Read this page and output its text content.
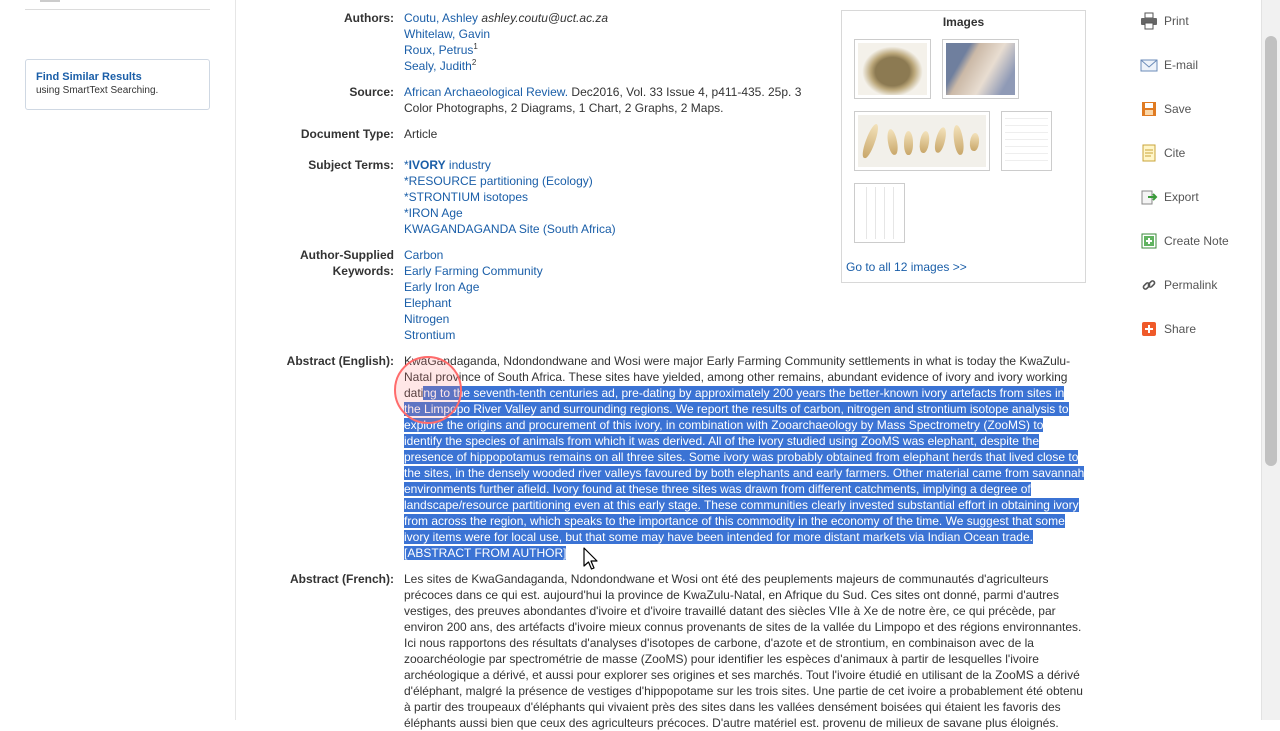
Find Similar Results
using SmartText Searching.
Authors: Coutu, Ashley ashley.coutu@uct.ac.za
Whitelaw, Gavin
Roux, Petrus$^1$
Sealy, Judith$^2$
Source: African Archaeological Review. Dec2016, Vol. 33 Issue 4, p411-435. 25p. 3
Color Photographs, 2 Diagrams, 1 Chart, 2 Graphs, 2 Maps.
Document Type: Article
Subject Terms: *IVORY industry
*RESOURCE partitioning (Ecology)
*STRONTIUM isotopes
*IRON Age
KWAGANDAGANDA Site (South Africa)
Author-Supplied
Keywords:
Carbon
Early Farming Community
Early Iron Age
Elephant
Nitrogen
Strontium
Abstract (English): KwaGandaganda, Ndondondwane and Wosi were major Early Farming Community settlements in what is today the KwaZulu-
Natal province of South Africa. These sites have yielded, among other remains, abundant evidence of ivory and ivory working
dating to the seventh-tenth centuries ad, pre-dating by approximately 200 years the better-known ivory artefacts from sites in
the Limpopo River Valley and surrounding regions. We report the results of carbon, nitrogen and strontium isotope analysis to
explore the origins and procurement of this ivory, in combination with Zooarchaeology by Mass Spectrometry (ZooMS) to
identify the species of animals from which it was derived. All of the ivory studied using ZooMS was elephant, despite the
presence of hippopotamus remains on all three sites. Some ivory was probably obtained from elephant herds that lived close to
the sites, in the densely wooded river valleys favoured by both elephants and early farmers. Other material came from savannah
environments further afield. Ivory found at these three sites was drawn from different catchments, implying a degree of
landscape/resource partitioning even at this early stage. These communities clearly invested substantial effort in obtaining ivory
from across the region, which speaks to the importance of this commodity in the economy of the time. We suggest that some
ivory items were for local use, but that some may have been intended for more distant markets via Indian Ocean trade.
[ABSTRACT FROM AUTHOR]
Abstract (French): Les sites de KwaGandaganda, Ndondondwane et Wosi ont été des peuplements majeurs de communautés d'agriculteurs
précoces dans ce qui est. aujourd'hui la province de KwaZulu-Natal, en Afrique du Sud. Ces sites ont donné, parmi d'autres
vestiges, des preuves abondantes d'ivoire et d'ivoire travaillé datant des siècles VIIe à Xe de notre ère, ce qui précède, par
environ 200 ans, des artéfacts d'ivoire mieux connus provenants de sites de la vallée du Limpopo et des régions environnantes.
Ici nous rapportons des résultats d'analyses d'isotopes de carbone, d'azote et de strontium, en combinaison avec de la
zooarchéologie par spectrométrie de masse (ZooMS) pour identifier les espèces d'animaux à partir de lesquelles l'ivoire
archéologique a dérivé, et aussi pour explorer ses origines et ses marchés. Tout l'ivoire étudié en utilisant de la ZooMS a dérivé
d'éléphant, malgré la présence de vestiges d'hippopotame sur les trois sites. Une partie de cet ivoire a probablement été obtenu
à partir des troupeaux d'éléphants qui vivaient près des sites dans les vallées densément boisées qui étaient les favoris des
éléphants aussi bien que ceux des agriculteurs précoces. D'autre matériel est. provenu de milieux de savane plus éloignés.
Images
Go to all 12 images >>
Print
E-mail
Save
Cite
Export
Create Note
Permalink
Share
